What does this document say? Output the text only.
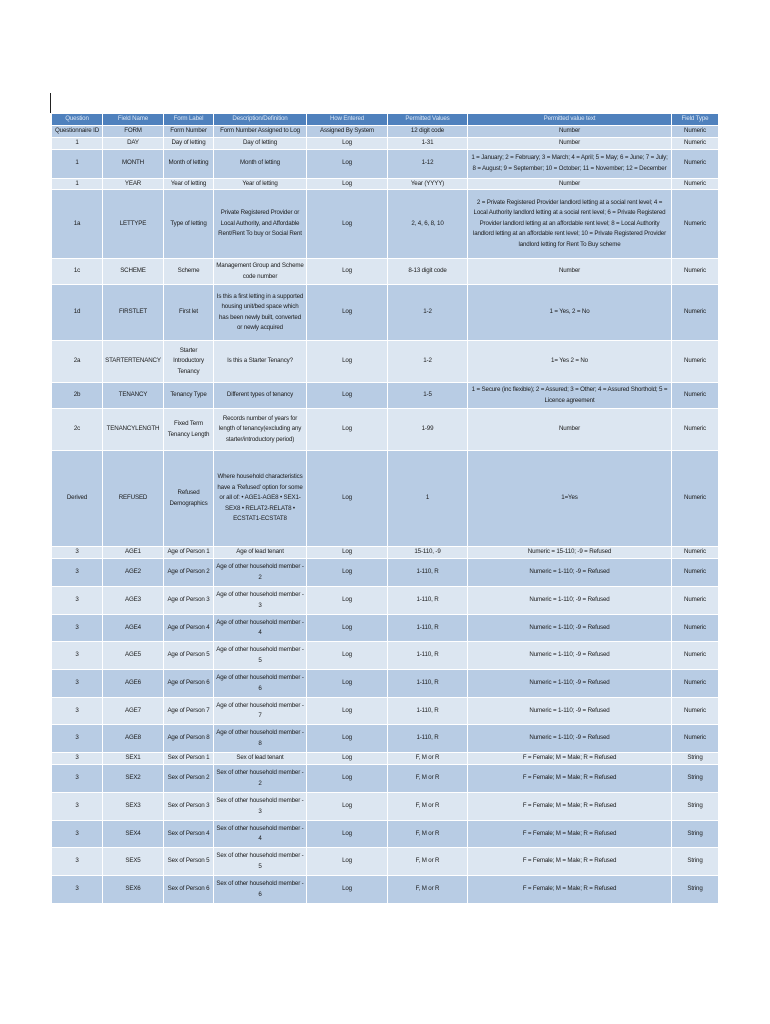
Question	Field Name	Form Label	Description/Definition	How Entered	Permitted Values	Permitted value text	Field Type
Questionnaire ID	FORM	Form Number	Form Number Assigned to Log	Assigned By System	12 digit code	Number	Numeric
1	DAY	Day of letting	Day of letting	Log	1-31	Number	Numeric
1	MONTH	Month of letting	Month of letting	Log	1-12	1 = January; 2 = February; 3 = March; 4 = April; 5 = May; 6 = June; 7 = July; 8 = August; 9 = September; 10 = October; 11 = November; 12 = December	Numeric
1	YEAR	Year of letting	Year of letting	Log	Year (YYYY)	Number	Numeric
1a	LETTYPE	Type of letting	Private Registered Provider or Local Authority, and Affordable Rent/Rent To buy or Social Rent	Log	2, 4, 6, 8, 10	2 = Private Registered Provider landlord letting at a social rent level; 4 = Local Authority landlord letting at a social rent level; 6 = Private Registered Provider landlord letting at an affordable rent level; 8 = Local Authority landlord letting at an affordable rent level; 10 = Private Registered Provider landlord letting for Rent To Buy scheme	Numeric
1c	SCHEME	Scheme	Management Group and Scheme code number	Log	8-13 digit code	Number	Numeric
1d	FIRSTLET	First let	Is this a first letting in a supported housing unit/bed space which has been newly built, converted or newly acquired	Log	1-2	1 = Yes, 2 = No	Numeric
2a	STARTERTENANCY	Starter Introductory Tenancy	Is this a Starter Tenancy?	Log	1-2	1= Yes 2 = No	Numeric
2b	TENANCY	Tenancy Type	Different types of tenancy	Log	1-5	1 = Secure (inc flexible); 2 = Assured; 3 = Other; 4 = Assured Shorthold; 5 = Licence agreement	Numeric
2c	TENANCYLENGTH	Fixed Term Tenancy Length	Records number of years for length of tenancy(excluding any starter/introductory period)	Log	1-99	Number	Numeric
Derived	REFUSED	Refused Demographics	Where household characteristics have a 'Refused' option for some or all of: • AGE1-AGE8 • SEX1-SEX8 • RELAT2-RELAT8 • ECSTAT1-ECSTAT8	Log	1	1=Yes	Numeric
3	AGE1	Age of Person 1	Age of lead tenant	Log	15-110, -9	Numeric = 15-110; -9 = Refused	Numeric
3	AGE2	Age of Person 2	Age of other household member - 2	Log	1-110, R	Numeric = 1-110; -9 = Refused	Numeric
3	AGE3	Age of Person 3	Age of other household member - 3	Log	1-110, R	Numeric = 1-110; -9 = Refused	Numeric
3	AGE4	Age of Person 4	Age of other household member - 4	Log	1-110, R	Numeric = 1-110; -9 = Refused	Numeric
3	AGE5	Age of Person 5	Age of other household member - 5	Log	1-110, R	Numeric = 1-110; -9 = Refused	Numeric
3	AGE6	Age of Person 6	Age of other household member - 6	Log	1-110, R	Numeric = 1-110; -9 = Refused	Numeric
3	AGE7	Age of Person 7	Age of other household member - 7	Log	1-110, R	Numeric = 1-110; -9 = Refused	Numeric
3	AGE8	Age of Person 8	Age of other household member - 8	Log	1-110, R	Numeric = 1-110; -9 = Refused	Numeric
3	SEX1	Sex of Person 1	Sex of lead tenant	Log	F, M or R	F = Female; M = Male; R = Refused	String
3	SEX2	Sex of Person 2	Sex of other household member - 2	Log	F, M or R	F = Female; M = Male; R = Refused	String
3	SEX3	Sex of Person 3	Sex of other household member - 3	Log	F, M or R	F = Female; M = Male; R = Refused	String
3	SEX4	Sex of Person 4	Sex of other household member - 4	Log	F, M or R	F = Female; M = Male; R = Refused	String
3	SEX5	Sex of Person 5	Sex of other household member - 5	Log	F, M or R	F = Female; M = Male; R = Refused	String
3	SEX6	Sex of Person 6	Sex of other household member - 6	Log	F, M or R	F = Female; M = Male; R = Refused	String
